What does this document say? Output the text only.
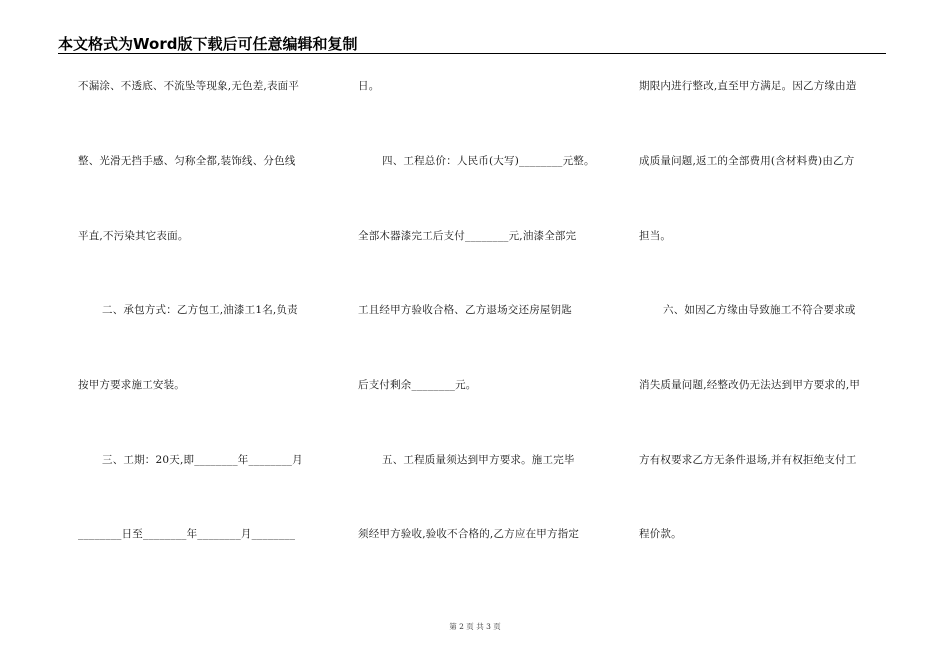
本文格式为Word版下载后可任意编辑和复制
不漏涂、不透底、不流坠等现象,无色差,表面平
整、光滑无挡手感、匀称全都,装饰线、分色线
平直,不污染其它表面。
二、承包方式：乙方包工,油漆工1名,负责
按甲方要求施工安装。
三、工期：20天,即________年________月
________日至________年________月________
日。
四、工程总价：人民币(大写)________元整。
全部木器漆完工后支付________元,油漆全部完
工且经甲方验收合格、乙方退场交还房屋钥匙
后支付剩余________元。
五、工程质量须达到甲方要求。施工完毕
须经甲方验收,验收不合格的,乙方应在甲方指定
期限内进行整改,直至甲方满足。因乙方缘由造
成质量问题,返工的全部费用(含材料费)由乙方
担当。
六、如因乙方缘由导致施工不符合要求或
消失质量问题,经整改仍无法达到甲方要求的,甲
方有权要求乙方无条件退场,并有权拒绝支付工
程价款。
第 2 页 共 3 页
